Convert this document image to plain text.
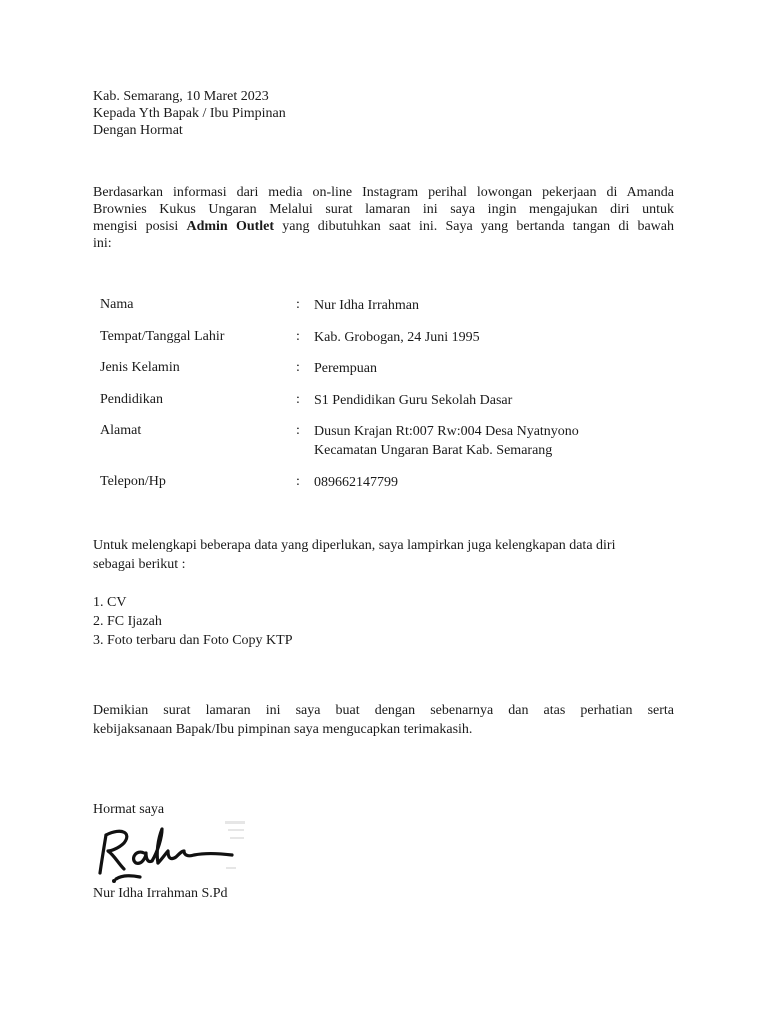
Kab. Semarang, 10 Maret 2023
Kepada Yth Bapak / Ibu Pimpinan
Dengan Hormat
Berdasarkan informasi dari media on-line Instagram perihal lowongan pekerjaan di Amanda
Brownies Kukus Ungaran Melalui surat lamaran ini saya ingin mengajukan diri untuk
mengisi posisi Admin Outlet yang dibutuhkan saat ini. Saya yang bertanda tangan di bawah
ini:
Nama	: Nur Idha Irrahman
Tempat/Tanggal Lahir	: Kab. Grobogan, 24 Juni 1995
Jenis Kelamin	: Perempuan
Pendidikan	: S1 Pendidikan Guru Sekolah Dasar
Alamat	: Dusun Krajan Rt:007 Rw:004 Desa Nyatnyono
Kecamatan Ungaran Barat Kab. Semarang
Telepon/Hp	: 089662147799
Untuk melengkapi beberapa data yang diperlukan, saya lampirkan juga kelengkapan data diri
sebagai berikut :
1. CV
2. FC Ijazah
3. Foto terbaru dan Foto Copy KTP
Demikian surat lamaran ini saya buat dengan sebenarnya dan atas perhatian serta
kebijaksanaan Bapak/Ibu pimpinan saya mengucapkan terimakasih.
Hormat saya
Nur Idha Irrahman S.Pd
